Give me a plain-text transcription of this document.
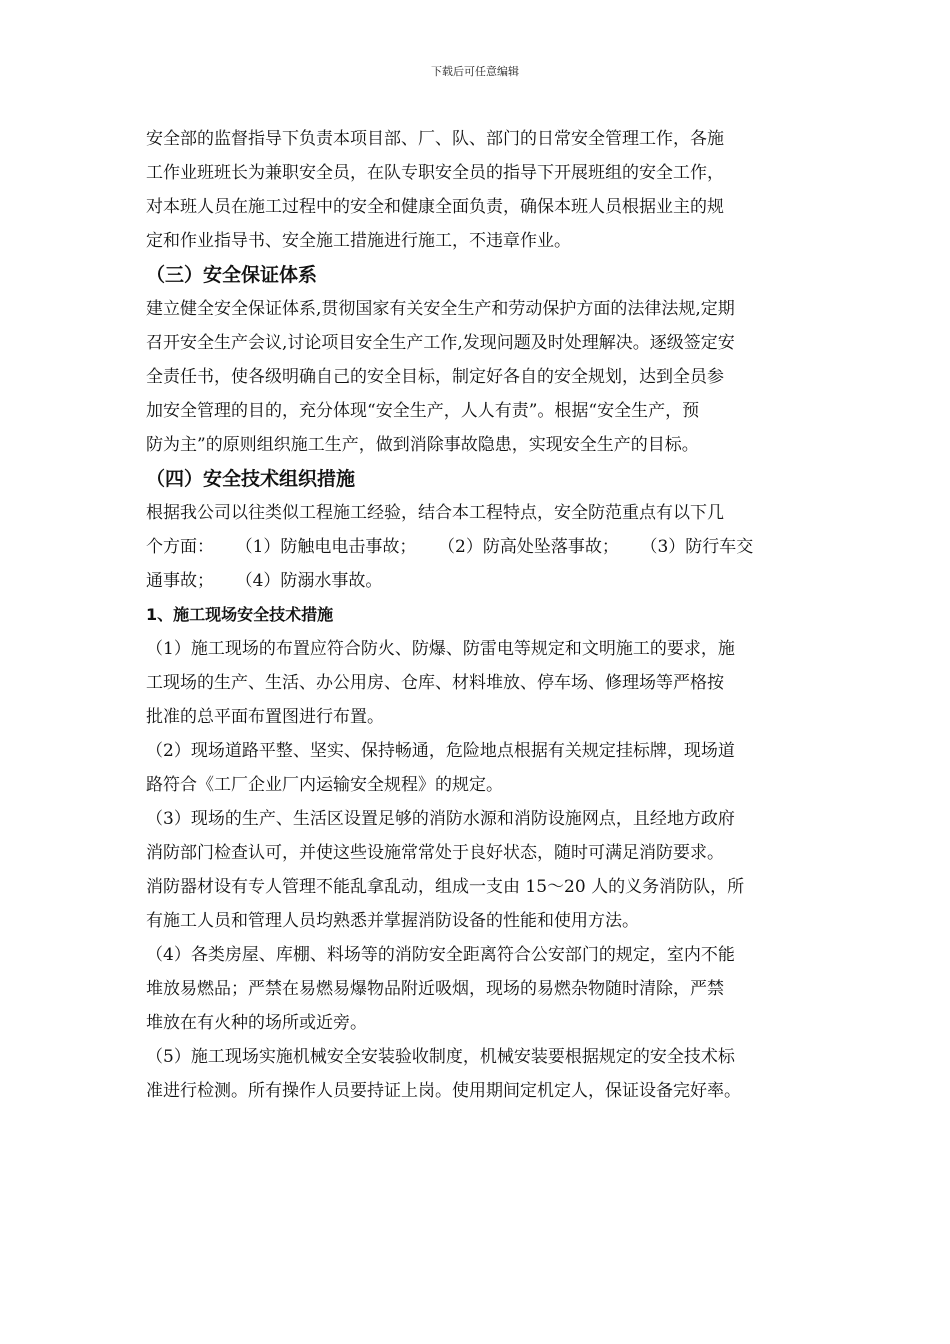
下载后可任意编辑
安全部的监督指导下负责本项目部、厂、队、部门的日常安全管理工作，各施
工作业班班长为兼职安全员，在队专职安全员的指导下开展班组的安全工作，
对本班人员在施工过程中的安全和健康全面负责，确保本班人员根据业主的规
定和作业指导书、安全施工措施进行施工，不违章作业。
（三）安全保证体系
建立健全安全保证体系,贯彻国家有关安全生产和劳动保护方面的法律法规,定期
召开安全生产会议,讨论项目安全生产工作,发现问题及时处理解决。逐级签定安
全责任书，使各级明确自己的安全目标，制定好各自的安全规划，达到全员参
加安全管理的目的，充分体现“安全生产，人人有责”。根据“安全生产，预
防为主”的原则组织施工生产，做到消除事故隐患，实现安全生产的目标。
（四）安全技术组织措施
根据我公司以往类似工程施工经验，结合本工程特点，安全防范重点有以下几
个方面：    （1）防触电电击事故；    （2）防高处坠落事故；    （3）防行车交
通事故；    （4）防溺水事故。
1、施工现场安全技术措施
（1）施工现场的布置应符合防火、防爆、防雷电等规定和文明施工的要求，施
工现场的生产、生活、办公用房、仓库、材料堆放、停车场、修理场等严格按
批准的总平面布置图进行布置。
（2）现场道路平整、坚实、保持畅通，危险地点根据有关规定挂标牌，现场道
路符合《工厂企业厂内运输安全规程》的规定。
（3）现场的生产、生活区设置足够的消防水源和消防设施网点，且经地方政府
消防部门检查认可，并使这些设施常常处于良好状态，随时可满足消防要求。
消防器材设有专人管理不能乱拿乱动，组成一支由 15～20 人的义务消防队，所
有施工人员和管理人员均熟悉并掌握消防设备的性能和使用方法。
（4）各类房屋、库棚、料场等的消防安全距离符合公安部门的规定，室内不能
堆放易燃品；严禁在易燃易爆物品附近吸烟，现场的易燃杂物随时清除，严禁
堆放在有火种的场所或近旁。
（5）施工现场实施机械安全安装验收制度，机械安装要根据规定的安全技术标
准进行检测。所有操作人员要持证上岗。使用期间定机定人，保证设备完好率。
